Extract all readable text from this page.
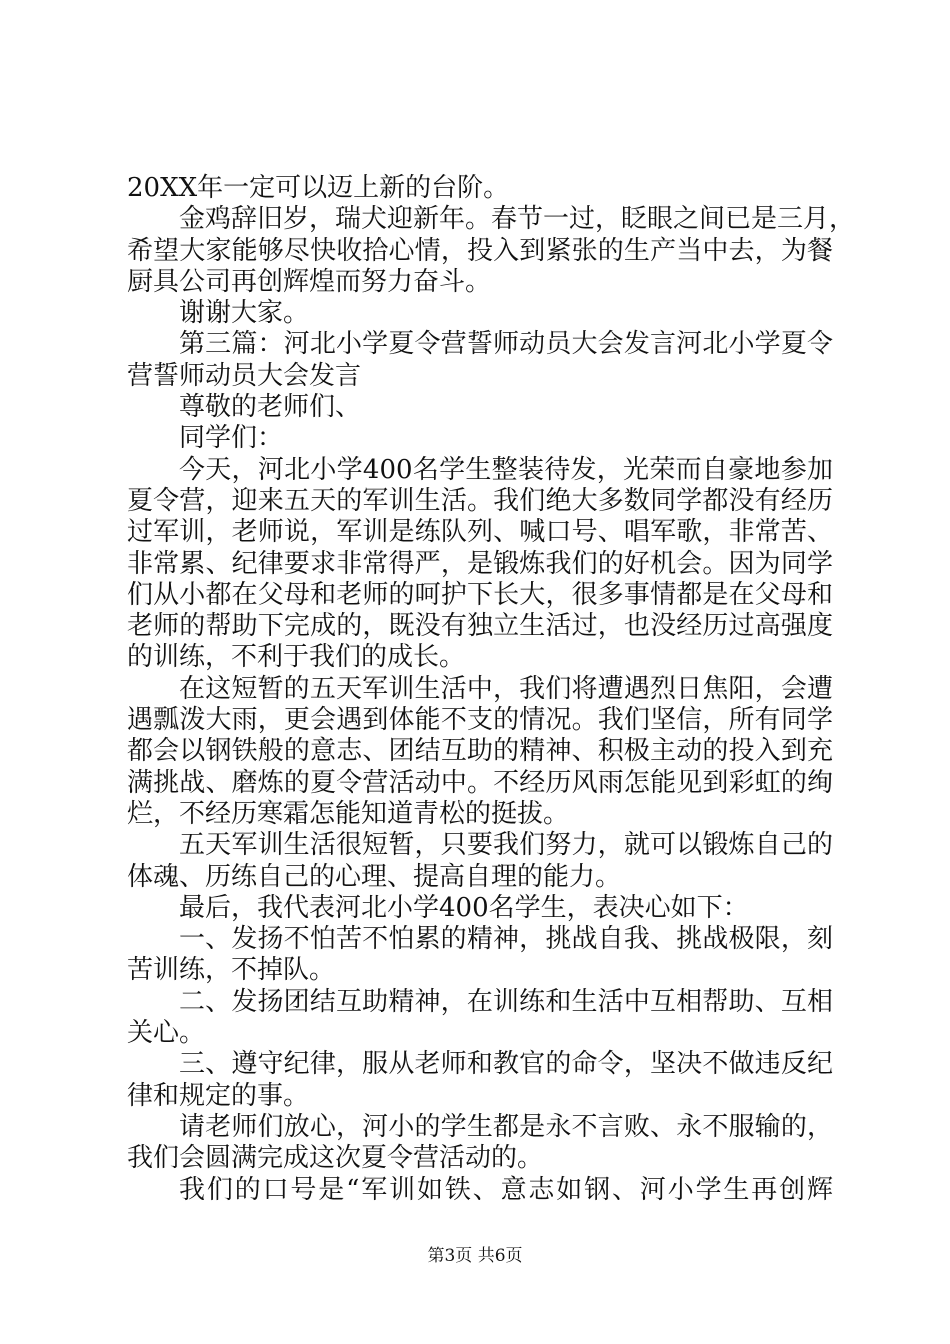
20XX年一定可以迈上新的台阶。
金鸡辞旧岁，瑞犬迎新年。春节一过，眨眼之间已是三月，
希望大家能够尽快收拾心情，投入到紧张的生产当中去，为餐
厨具公司再创辉煌而努力奋斗。
谢谢大家。
第三篇：河北小学夏令营誓师动员大会发言河北小学夏令
营誓师动员大会发言
尊敬的老师们、
同学们：
今天，河北小学400名学生整装待发，光荣而自豪地参加
夏令营，迎来五天的军训生活。我们绝大多数同学都没有经历
过军训，老师说，军训是练队列、喊口号、唱军歌，非常苦、
非常累、纪律要求非常得严，是锻炼我们的好机会。因为同学
们从小都在父母和老师的呵护下长大，很多事情都是在父母和
老师的帮助下完成的，既没有独立生活过，也没经历过高强度
的训练，不利于我们的成长。
在这短暂的五天军训生活中，我们将遭遇烈日焦阳，会遭
遇瓢泼大雨，更会遇到体能不支的情况。我们坚信，所有同学
都会以钢铁般的意志、团结互助的精神、积极主动的投入到充
满挑战、磨炼的夏令营活动中。不经历风雨怎能见到彩虹的绚
烂，不经历寒霜怎能知道青松的挺拔。
五天军训生活很短暂，只要我们努力，就可以锻炼自己的
体魂、历练自己的心理、提高自理的能力。
最后，我代表河北小学400名学生，表决心如下：
一、发扬不怕苦不怕累的精神，挑战自我、挑战极限，刻
苦训练，不掉队。
二、发扬团结互助精神，在训练和生活中互相帮助、互相
关心。
三、遵守纪律，服从老师和教官的命令，坚决不做违反纪
律和规定的事。
请老师们放心，河小的学生都是永不言败、永不服输的，
我们会圆满完成这次夏令营活动的。
我们的口号是“军训如铁、意志如钢、河小学生再创辉
第3页 共6页
